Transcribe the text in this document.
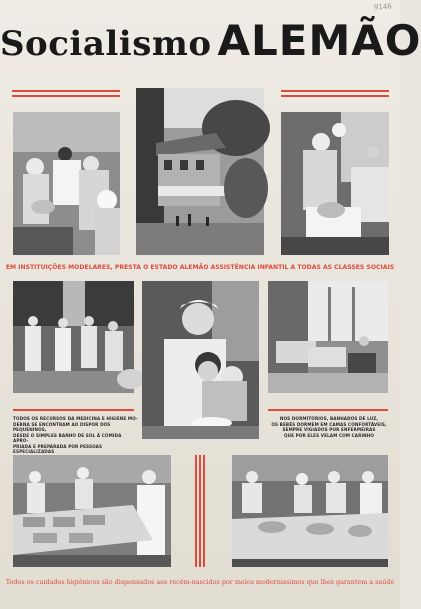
9146
Socialismo ALEMÃO
EM INSTITUIÇÕES MODELARES, PRESTA O ESTADO ALEMÃO ASSISTÊNCIA INFANTIL A TODAS AS CLASSES SOCIAIS
TODOS OS RECURSOS DA MEDICINA E HIGIENE MO-
DERNA SE ENCONTRAM AO DISPOR DOS PEQUENINOS,
DESDE O SIMPLES BANHO DE SOL À COMIDA APRO-
PRIADA E PREPARADA POR PESSOAS ESPECIALIZADAS
NOS DORMITÓRIOS, BANHADOS DE LUZ,
OS BEBÊS DORMEM EM CAMAS CONFORTÁVEIS,
SEMPRE VIGIADOS POR ENFERMEIRAS
QUE POR ELES VELAM COM CARINHO
Todos os cuidados higiênicos são dispensados aos recém-nascidos por meios modernissimos que lhes garantem a saúde
